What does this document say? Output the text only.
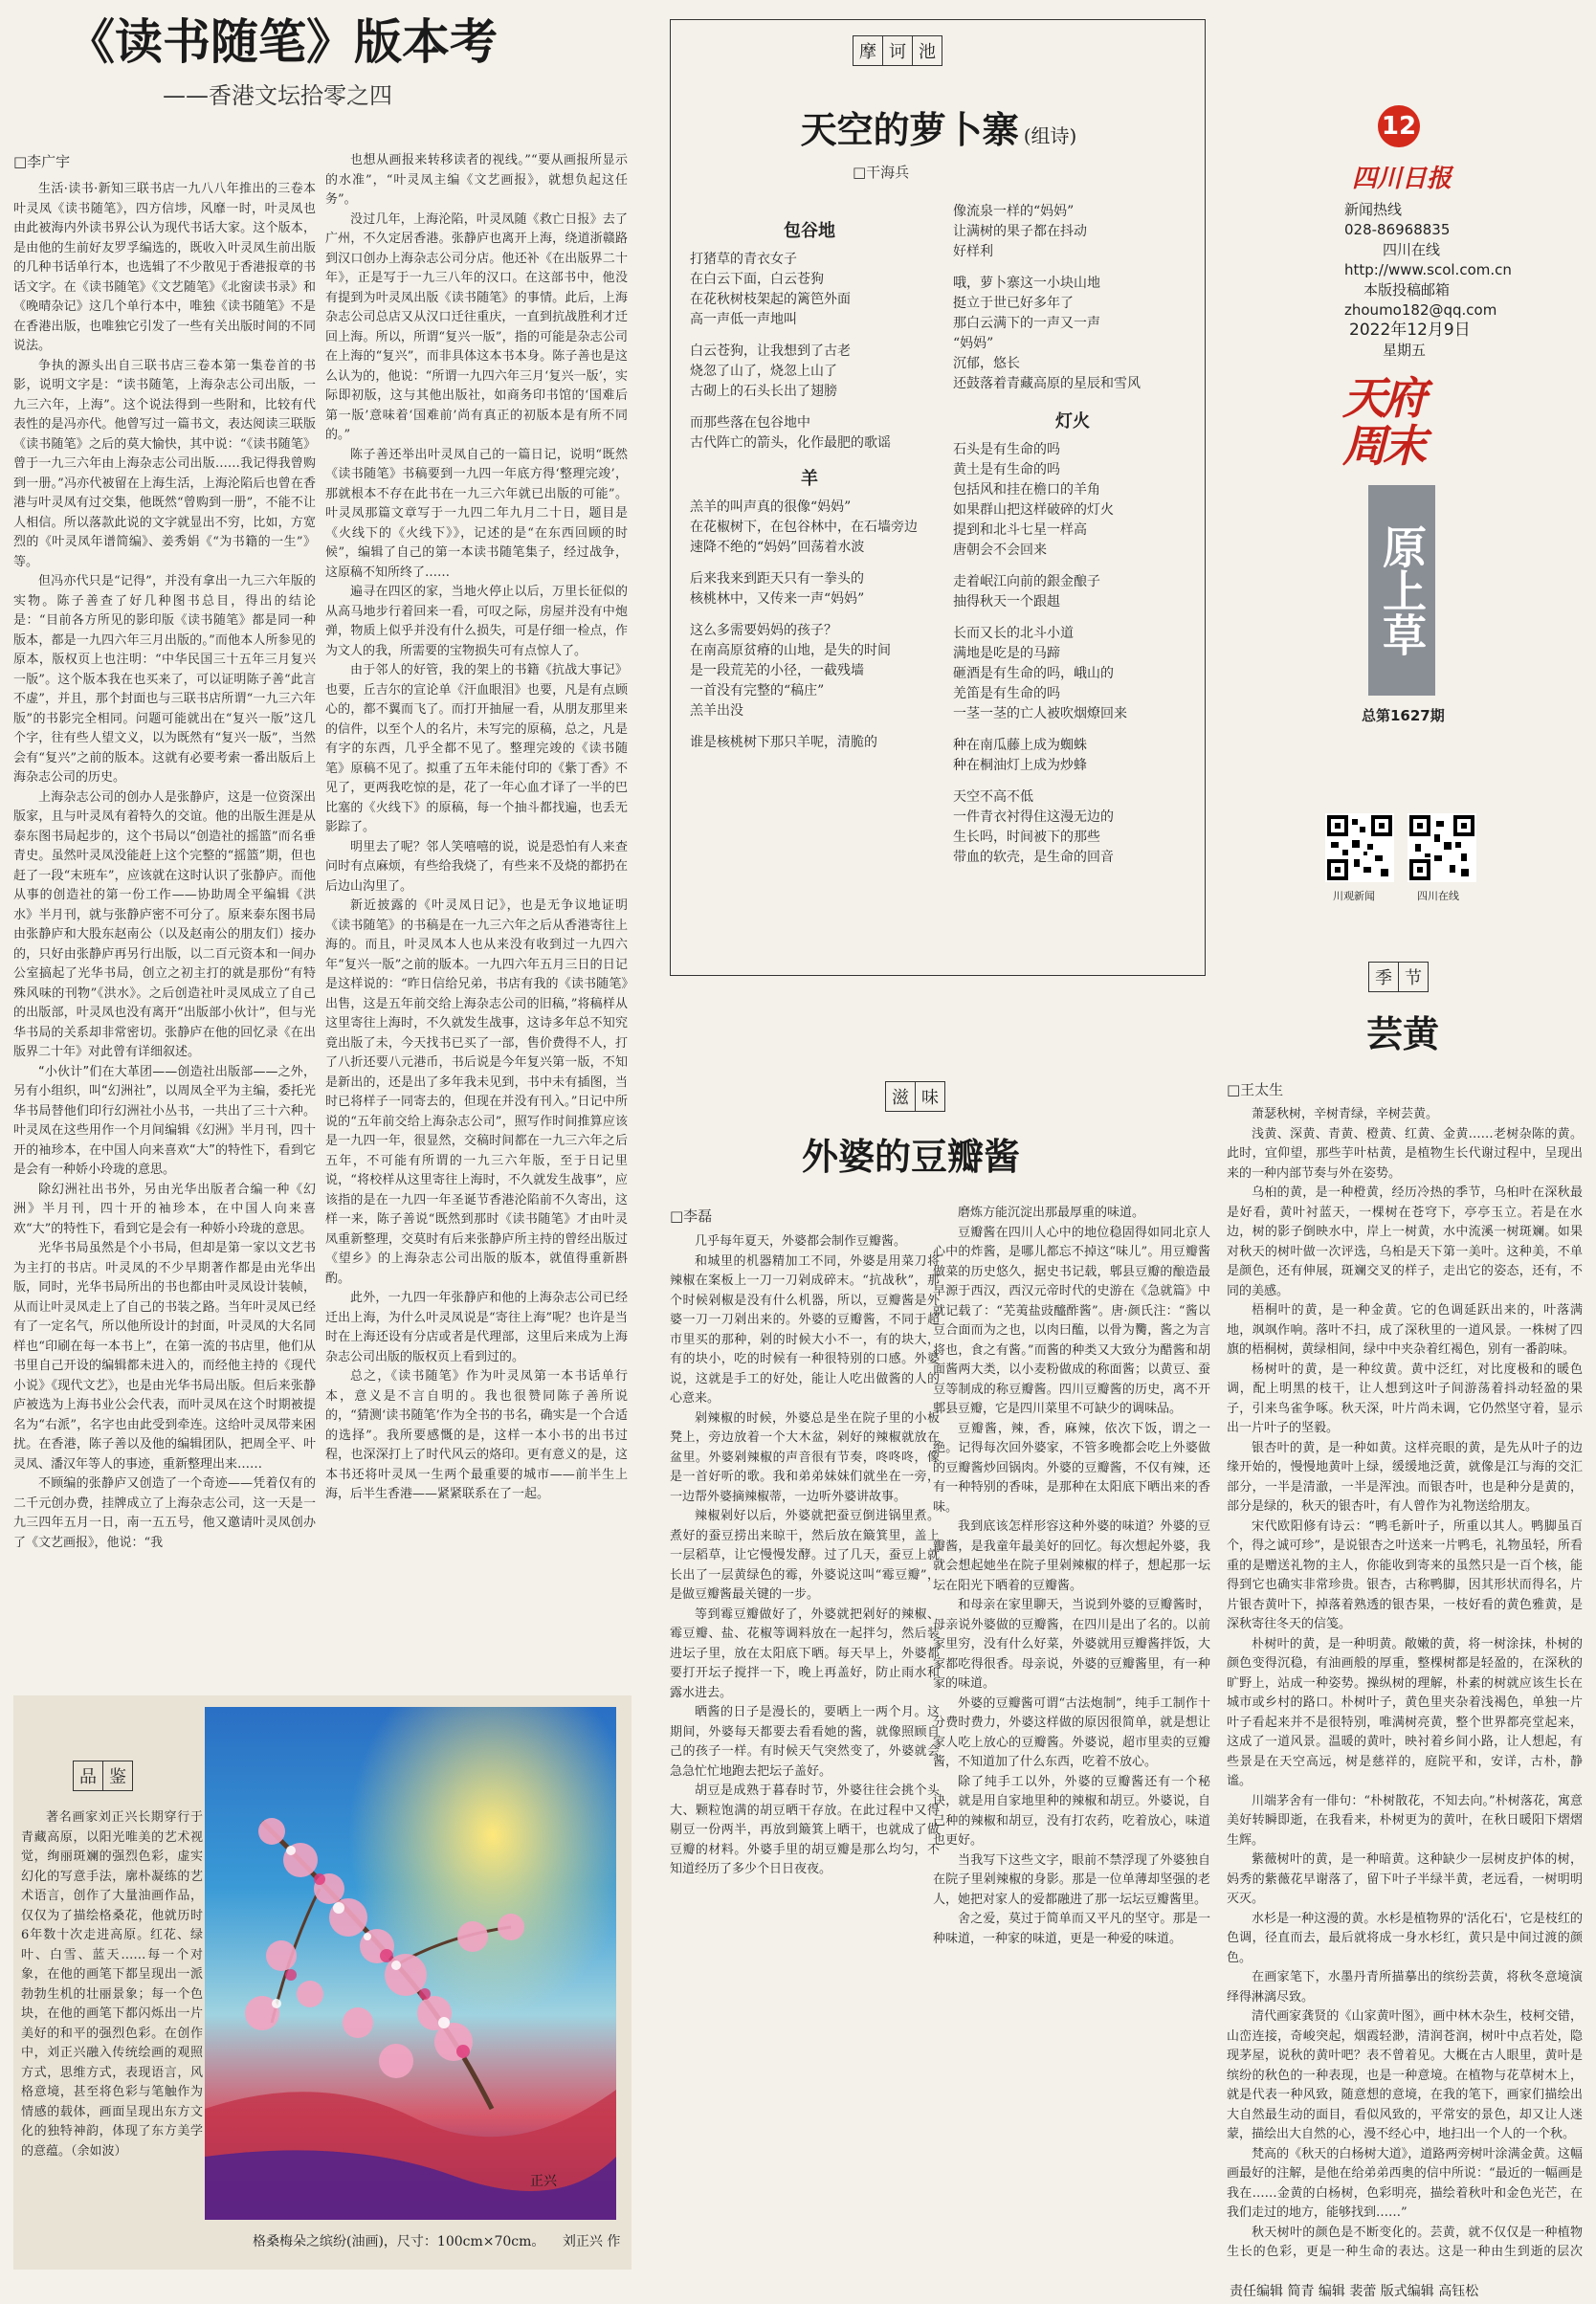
《读书随笔》版本考
——香港文坛拾零之四
□李广宇

生活·读书·新知三联书店一九八八年推出的三卷本叶灵凤《读书随笔》，四方信埗，风靡一时，叶灵凤也由此被海内外读书界公认为现代书话大家。这个版本，是由他的生前好友罗孚编选的，既收入叶灵凤生前出版的几种书话单行本，也选辑了不少散见于香港报章的书话文字。在《读书随笔》《文艺随笔》《北窗读书录》和《晚晴杂记》这几个单行本中，唯独《读书随笔》不是在香港出版，也唯独它引发了一些有关出版时间的不同说法。

争执的源头出自三联书店三卷本第一集卷首的书影，说明文字是：“读书随笔，上海杂志公司出版，一九三六年，上海”。这个说法得到一些附和，比较有代表性的是冯亦代。他曾写过一篇书文，表达阅读三联版《读书随笔》之后的莫大愉快，其中说：“《读书随笔》曾于一九三六年由上海杂志公司出版……我记得我曾购到一册。”冯亦代被留在上海生活，上海沦陷后也曾在香港与叶灵凤有过交集，他既然“曾购到一册”，不能不让人相信。所以落款此说的文字就显出不穷，比如，方宽烈的《叶灵凤年谱简编》、姜秀娟《“为书籍的一生”》等。

但冯亦代只是“记得”，并没有拿出一九三六年版的实物。陈子善查了好几种图书总目，得出的结论是：“目前各方所见的影印版《读书随笔》都是同一种版本，都是一九四六年三月出版的。”而他本人所参见的原本，版权页上也注明：“中华民国三十五年三月复兴一版”。这个版本我在也买来了，可以证明陈子善“此言不虚”，并且，那个封面也与三联书店所谓“一九三六年版”的书影完全相同。问题可能就出在“复兴一版”这几个字，往有些人望文义，以为既然有“复兴一版”，当然会有“复兴”之前的版本。这就有必要考索一番出版后上海杂志公司的历史。

上海杂志公司的创办人是张静庐，这是一位资深出版家，且与叶灵凤有着特久的交谊。他的出版生涯是从泰东图书局起步的，这个书局以“创造社的摇篮”而名垂青史。虽然叶灵凤没能赶上这个完整的“摇篮”期，但也赶了一段“末班车”，应该就在这时认识了张静庐。而他从事的创造社的第一份工作——协助周全平编辑《洪水》半月刊，就与张静庐密不可分了。原来泰东图书局由张静庐和大股东赵南公（以及赵南公的朋友们）接办的，只好由张静庐再另行出版，以二百元资本和一间办公室搞起了光华书局，创立之初主打的就是那份“有特殊风味的刊物”《洪水》。之后创造社叶灵凤成立了自己的出版部，叶灵凤也没有离开“出版部小伙计”，但与光华书局的关系却非常密切。张静庐在他的回忆录《在出版界二十年》对此曾有详细叙述。

“小伙计”们在大革团——创造社出版部——之外，另有小组织，叫“幻洲社”，以周凤全平为主编，委托光华书局替他们印行幻洲社小丛书，一共出了三十六种。叶灵凤在这些用作一个月间编辑《幻洲》半月刊，四十开的袖珍本，在中国人向来喜欢“大”的特性下，看到它是会有一种娇小玲珑的意思。

除幻洲社出书外，另由光华出版者合编一种《幻洲》半月刊，四十开的袖珍本，在中国人向来喜欢“大”的特性下，看到它是会有一种娇小玲珑的意思。

光华书局虽然是个小书局，但却是第一家以文艺书为主打的书店。叶灵凤的不少早期著作都是由光华出版，同时，光华书局所出的书也都由叶灵凤设计装帧，从而让叶灵凤走上了自己的书装之路。当年叶灵凤已经有了一定名气，所以他所设计的封面，叶灵凤的大名同样也“印刷在每一本书上”，在第一流的书店里，他们从书里自己开设的编辑都未进入的，而经他主持的《现代小说》《现代文艺》，也是由光华书局出版。但后来张静庐被选为上海书业公会代表，而叶灵凤在这个时期被提名为“右派”，名字也由此受到牵连。这给叶灵凤带来困扰。在香港，陈子善以及他的编辑团队，把周全平、叶灵凤、潘汉年等人的事迹，重新整理出来……

不顾编的张静庐又创造了一个奇迹——凭着仅有的二千元创办费，挂牌成立了上海杂志公司，这一天是一九三四年五月一日，南一五五号，他又邀请叶灵凤创办了《文艺画报》，他说：“我

也想从画报来转移读者的视线。”“要从画报所显示的水准”，“叶灵凤主编《文艺画报》，就想负起这任务”。

没过几年，上海沦陷，叶灵凤随《救亡日报》去了广州，不久定居香港。张静庐也离开上海，绕道浙赣路到汉口创办上海杂志公司分店。他还补《在出版界二十年》，正是写于一九三八年的汉口。在这部书中，他没有提到为叶灵凤出版《读书随笔》的事情。此后，上海杂志公司总店又从汉口迁往重庆，一直到抗战胜利才迁回上海。所以，所谓“复兴一版”，指的可能是杂志公司在上海的“复兴”，而非具体这本书本身。陈子善也是这么认为的，他说：“所谓一九四六年三月‘复兴一版’，实际即初版，这与其他出版社，如商务印书馆的‘国难后第一版’意味着‘国难前’尚有真正的初版本是有所不同的。”

陈子善还举出叶灵凤自己的一篇日记，说明“既然《读书随笔》书稿要到一九四一年底方得‘整理完竣’，那就根本不存在此书在一九三六年就已出版的可能”。叶灵凤那篇文章写于一九四二年九月二十日，题目是《火线下的《火线下》》，记述的是“在东西回顾的时候”，编辑了自己的第一本读书随笔集子，经过战争，这原稿不知所终了……

遍寻在四区的家，当地火停止以后，万里长征似的从高马地步行着回来一看，可叹之际，房屋并没有中炮弹，物质上似乎并没有什么损失，可是仔细一检点，作为文人的我，所需要的宝物损失可有点惊人了。

由于邻人的好管，我的架上的书籍《抗战大事记》也要，丘吉尔的宣论单《汗血眼泪》也要，凡是有点顾心的，都不翼而飞了。而打开抽屉一看，从朋友那里来的信件，以至个人的名片，未写完的原稿，总之，凡是有字的东西，几乎全都不见了。整理完竣的《读书随笔》原稿不见了。拟重了五年未能付印的《紫丁香》不见了，更两我吃惊的是，花了一年心血才译了一半的巴比塞的《火线下》的原稿，每一个抽斗都找遍，也丢无影踪了。

明里去了呢？邻人笑嘻嘻的说，说是恐怕有人来查问时有点麻烦，有些给我烧了，有些来不及烧的都扔在后边山沟里了。

新近披露的《叶灵凤日记》，也是无争议地证明《读书随笔》的书稿是在一九三六年之后从香港寄往上海的。而且，叶灵凤本人也从来没有收到过一九四六年“复兴一版”之前的版本。一九四六年五月三日的日记是这样说的：“昨日信给兄弟，书店有我的《读书随笔》出售，这是五年前交给上海杂志公司的旧稿，”将稿样从这里寄往上海时，不久就发生战事，这诗多年总不知究竟出版了未，今天找书已买了一部，售价费得不人，打了八折还要八元港币，书后说是今年复兴第一版，不知是新出的，还是出了多年我未见到，书中未有插图，当时已将样子一同寄去的，但现在并没有刊入。”日记中所说的“五年前交给上海杂志公司”，照写作时间推算应该是一九四一年，很显然，交稿时间都在一九三六年之后五年，不可能有所谓的一九三六年版，至于日记里说，“将校样从这里寄往上海时，不久就发生战事”，应该指的是在一九四一年圣诞节香港沦陷前不久寄出，这样一来，陈子善说“既然到那时《读书随笔》才由叶灵凤重新整理，交莫时有后来张静庐所主持的曾经出版过《望乡》的上海杂志公司出版的版本，就值得重新斟酌。

此外，一九四一年张静庐和他的上海杂志公司已经迁出上海，为什么叶灵凤说是“寄往上海”呢？也许是当时在上海还设有分店或者是代理部，这里后来成为上海杂志公司出版的版权页上看到过的。

总之，《读书随笔》作为叶灵凤第一本书话单行本，意义是不言自明的。我也很赞同陈子善所说的，“猜测‘读书随笔’作为全书的书名，确实是一个合适的选择”。我所要感慨的是，这样一本小书的出书过程，也深深打上了时代风云的烙印。更有意义的是，这本书还将叶灵凤一生两个最重要的城市——前半生上海，后半生香港——紧紧联系在了一起。

摩 诃 池
天空的萝卜寨 (组诗)
□干海兵
包谷地
打猪草的青衣女子
在白云下面，白云苍狗
在花秋树枝架起的篱笆外面
高一声低一声地叫
白云苍狗，让我想到了古老
烧忽了山了，烧忽上山了
古砌上的石头长出了翅膀
而那些落在包谷地中
古代阵亡的箭头，化作最肥的歌谣
羊
羔羊的叫声真的很像“妈妈”
在花椒树下，在包谷林中，在石墙旁边
速降不绝的“妈妈”回荡着水波
后来我来到距天只有一拳头的
核桃林中，又传来一声“妈妈”
这么多需要妈妈的孩子？
在南高原贫瘠的山地，是失的时间
是一段荒芜的小径，一截残墙
一首没有完整的“稿庄”
羔羊出没
谁是核桃树下那只羊呢，清脆的
像流泉一样的“妈妈”
让满树的果子都在抖动
好样利
哦，萝卜寨这一小块山地
挺立于世已好多年了
那白云满下的一声又一声
“妈妈”
沉郁，悠长
还鼓落着青藏高原的星辰和雪风
灯火
石头是有生命的吗
黄土是有生命的吗
包括风和挂在檐口的羊角
如果群山把这样破碎的灯火
提到和北斗七星一样高
唐朝会不会回来
走着岷江向前的銀金酿子
抽得秋天一个跟趄
长而又长的北斗小道
满地是吃是的马蹄
砸酒是有生命的吗，峨山的
羌笛是有生命的吗
一茎一茎的亡人被吹烟燎回来
种在南瓜藤上成为蜘蛛
种在桐油灯上成为炒蜂
天空不高不低
一件青衣衬得住这漫无边的
生长吗，时间被下的那些
带血的软壳，是生命的回音
12
四川日报
新闻热线
028-86968835
四川在线
http://www.scol.com.cn
本版投稿邮箱
zhoumo182@qq.com
2022年12月9日
星期五
天府周末
原上草
总第1627期
川观新闻	四川在线
季 节
芸黄
□王太生

萧瑟秋树，辛树青绿，辛树芸黄。

浅黄、深黄、青黄、橙黄、红黄、金黄……老树杂陈的黄。此时，宜仰望，那些芋叶枯黄，是植物生长代谢过程中，呈现出来的一种内部节奏与外在姿势。

乌桕的黄，是一种橙黄，经历冷热的季节，乌桕叶在深秋最是好看，黄叶衬蓝天，一棵树在苍穹下，亭亭玉立。若是在水边，树的影子倒映水中，岸上一树黄，水中流溪一树斑斓。如果对秋天的树叶做一次评选，乌桕是天下第一美叶。这种美，不单是颜色，还有伸展，斑斓交叉的样子，走出它的姿态，还有，不同的美感。

梧桐叶的黄，是一种金黄。它的色调延跃出来的，叶落满地，飒飒作响。落叶不扫，成了深秋里的一道风景。一株树了四旗的梧桐树，黄绿相间，绿中中夹杂着红褐色，别有一番韵味。

杨树叶的黄，是一种纹黄。黄中泛红，对比度极和的暖色调，配上明黑的枝干，让人想到这叶子间游荡着抖动轻盈的果子，引来鸟雀争啄。秋天深，叶片尚未调，它仍然坚守着，显示出一片叶子的坚毅。

银杏叶的黄，是一种如黄。这样亮眼的黄，是先从叶子的边缘开始的，慢慢地黄叶上绿，缓缓地泛黄，就像是江与海的交汇部分，一半是清澈，一半是浑浊。而银杏叶，也是种分是黄的，部分是绿的，秋天的银杏叶，有人曾作为礼物送给朋友。

宋代欧阳修有诗云：“鸭毛新叶子，所重以其人。鸭脚虽百个，得之诚可珍”，是说银杏之叶送来一片鸭毛，礼物虽轻，所看重的是赠送礼物的主人，你能收到寄来的虽然只是一百个核，能得到它也确实非常珍贵。银杏，古称鸭脚，因其形状而得名，片片银杏黄叶下，掉落着熟透的银杏果，一枝好看的黄色雅黄，是深秋寄往冬天的信笺。

朴树叶的黄，是一种明黄。敞嫩的黄，将一树涂抹，朴树的颜色变得沉稳，有油画般的厚重，整棵树都是轻盈的，在深秋的旷野上，站成一种姿势。操纵树的理解，朴素的树就应该生长在城市或乡村的路口。朴树叶子，黄色里夹杂着浅褐色，单独一片叶子看起来并不是很特别，唯满树亮黄，整个世界都亮堂起来，这成了一道风景。温暖的黄叶，映衬着乡间小路，让人想起，有些景是在天空高远，树是慈祥的，庭院平和，安详，古朴，静谧。

川端茅舍有一俳句：“朴树散花，不知去向。”朴树落花，寓意美好转瞬即逝，在我看来，朴树更为的黄叶，在秋日暖阳下熠熠生辉。

紫薇树叶的黄，是一种暗黄。这种缺少一层树皮护体的树，妈秀的紫薇花早谢落了，留下叶子半绿半黄，老远看，一树明明灭灭。

水杉是一种这漫的黄。水杉是植物界的'活化石'，它是枝红的色调，径直而去，最后就将成一身水杉红，黄只是中间过渡的颜色。

在画家笔下，水墨丹青所描摹出的缤纷芸黄，将秋冬意境演绎得淋漓尽致。

清代画家龚贤的《山家黄叶图》，画中林木杂生，枝柯交错，山峦连接，奇峻突起，烟霞轻渺，清润苍润，树叶中点若处，隐现茅屋，说秋的黄叶吧？表不曾着见。大概在古人眼里，黄叶是缤纷的秋色的一种表现，也是一种意境。在植物与花草树木上，就是代表一种风致，随意想的意境，在我的笔下，画家们描绘出大自然最生动的面目，看似风致的，平常安的景色，却又让人迷蒙，描绘出大自然的心，漫不经心中，地扫出一个人的一个秋。

梵高的《秋天的白杨树大道》，道路两旁树叶涂满金黄。这幅画最好的注解，是他在给弟弟西奥的信中所说：“最近的一幅画是我在……金黄的白杨树，色彩明亮，描绘着秋叶和金色光芒，在我们走过的地方，能够找到……”

秋天树叶的颜色是不断变化的。芸黄，就不仅仅是一种植物生长的色彩，更是一种生命的表达。这是一种由生到逝的层次

滋 味
外婆的豆瓣酱
□李磊

几乎每年夏天，外婆都会制作豆瓣酱。

和城里的机器精加工不同，外婆是用菜刀将辣椒在案板上一刀一刀剁成碎末。“抗战秋”，那个时候剁椒是没有什么机器，所以，豆瓣酱是外婆一刀一刀剁出来的。外婆的豆瓣酱，不同于超市里买的那种，剁的时候大小不一，有的块大，有的块小，吃的时候有一种很特别的口感。外婆说，这就是手工的好处，能让人吃出做酱的人的心意来。

剁辣椒的时候，外婆总是坐在院子里的小板凳上，旁边放着一个大木盆，剁好的辣椒就放在盆里。外婆剁辣椒的声音很有节奏，咚咚咚，像是一首好听的歌。我和弟弟妹妹们就坐在一旁，一边帮外婆摘辣椒蒂，一边听外婆讲故事。

辣椒剁好以后，外婆就把蚕豆倒进锅里煮。煮好的蚕豆捞出来晾干，然后放在簸箕里，盖上一层稻草，让它慢慢发酵。过了几天，蚕豆上就长出了一层黄绿色的霉，外婆说这叫“霉豆瓣”，是做豆瓣酱最关键的一步。

等到霉豆瓣做好了，外婆就把剁好的辣椒、霉豆瓣、盐、花椒等调料放在一起拌匀，然后装进坛子里，放在太阳底下晒。每天早上，外婆都要打开坛子搅拌一下，晚上再盖好，防止雨水和露水进去。

晒酱的日子是漫长的，要晒上一两个月。这期间，外婆每天都要去看看她的酱，就像照顾自己的孩子一样。有时候天气突然变了，外婆就会急急忙忙地跑去把坛子盖好。

胡豆是成熟于暮春时节，外婆往往会挑个头大、颗粒饱满的胡豆晒干存放。在此过程中又得剔豆一份两半，再放到簸箕上晒干，也就成了做豆瓣的材料。外婆手里的胡豆瓣是那么均匀，不知道经历了多少个日日夜夜。

磨炼方能沉淀出那最厚重的味道。

豆瓣酱在四川人心中的地位稳固得如同北京人心中的炸酱，是哪儿都忘不掉这“味儿”。用豆瓣酱做菜的历史悠久，据史书记载，郫县豆瓣的酿造最早源于西汉，西汉元帝时代的史游在《急就篇》中就记载了：“芜荑盐豉醯酢酱”。唐·颜氏注：“酱以豆合面而为之也，以肉曰醢，以骨为臡，酱之为言将也，食之有酱。”而酱的种类又大致分为醋酱和胡面酱两大类，以小麦粉做成的称面酱；以黄豆、蚕豆等制成的称豆瓣酱。四川豆瓣酱的历史，离不开郫县豆瓣，它是四川菜里不可缺少的调味品。

豆瓣酱，辣，香，麻辣，依次下饭，谓之一绝。记得每次回外婆家，不管多晚都会吃上外婆做的豆瓣酱炒回锅肉。外婆的豆瓣酱，不仅有辣，还有一种特别的香味，是那种在太阳底下晒出来的香味。

我到底该怎样形容这种外婆的味道？外婆的豆瓣酱，是我童年最美好的回忆。每次想起外婆，我就会想起她坐在院子里剁辣椒的样子，想起那一坛坛在阳光下晒着的豆瓣酱。

和母亲在家里聊天，当说到外婆的豆瓣酱时，母亲说外婆做的豆瓣酱，在四川是出了名的。以前家里穷，没有什么好菜，外婆就用豆瓣酱拌饭，大家都吃得很香。母亲说，外婆的豆瓣酱里，有一种家的味道。

外婆的豆瓣酱可谓“古法炮制”，纯手工制作十分费时费力，外婆这样做的原因很简单，就是想让家人吃上放心的豆瓣酱。外婆说，超市里卖的豆瓣酱，不知道加了什么东西，吃着不放心。

除了纯手工以外，外婆的豆瓣酱还有一个秘诀，就是用自家地里种的辣椒和胡豆。外婆说，自己种的辣椒和胡豆，没有打农药，吃着放心，味道也更好。

当我写下这些文字，眼前不禁浮现了外婆独自在院子里剁辣椒的身影。那是一位单薄却坚强的老人，她把对家人的爱都融进了那一坛坛豆瓣酱里。

舍之爱，莫过于简单而又平凡的坚守。那是一种味道，一种家的味道，更是一种爱的味道。

品 鉴

著名画家刘正兴长期穿行于青藏高原，以阳光唯美的艺术视觉，绚丽斑斓的强烈色彩，虚实幻化的写意手法，廓朴凝练的艺术语言，创作了大量油画作品，仅仅为了描绘格桑花，他就历时6年数十次走进高原。红花、绿叶、白雪、蓝天……每一个对象，在他的画笔下都呈现出一派勃勃生机的壮丽景象；每一个色块，在他的画笔下都闪烁出一片美好的和平的强烈色彩。在创作中，刘正兴融入传统绘画的观照方式，思维方式，表现语言，风格意境，甚至将色彩与笔触作为情感的载体，画面呈现出东方文化的独特神韵，体现了东方美学的意蕴。（余如波）

正兴
格桑梅朵之缤纷(油画)，尺寸：100cm×70cm。 刘正兴 作
责任编辑 简青 编辑 裴蕾 版式编辑 高钰松
